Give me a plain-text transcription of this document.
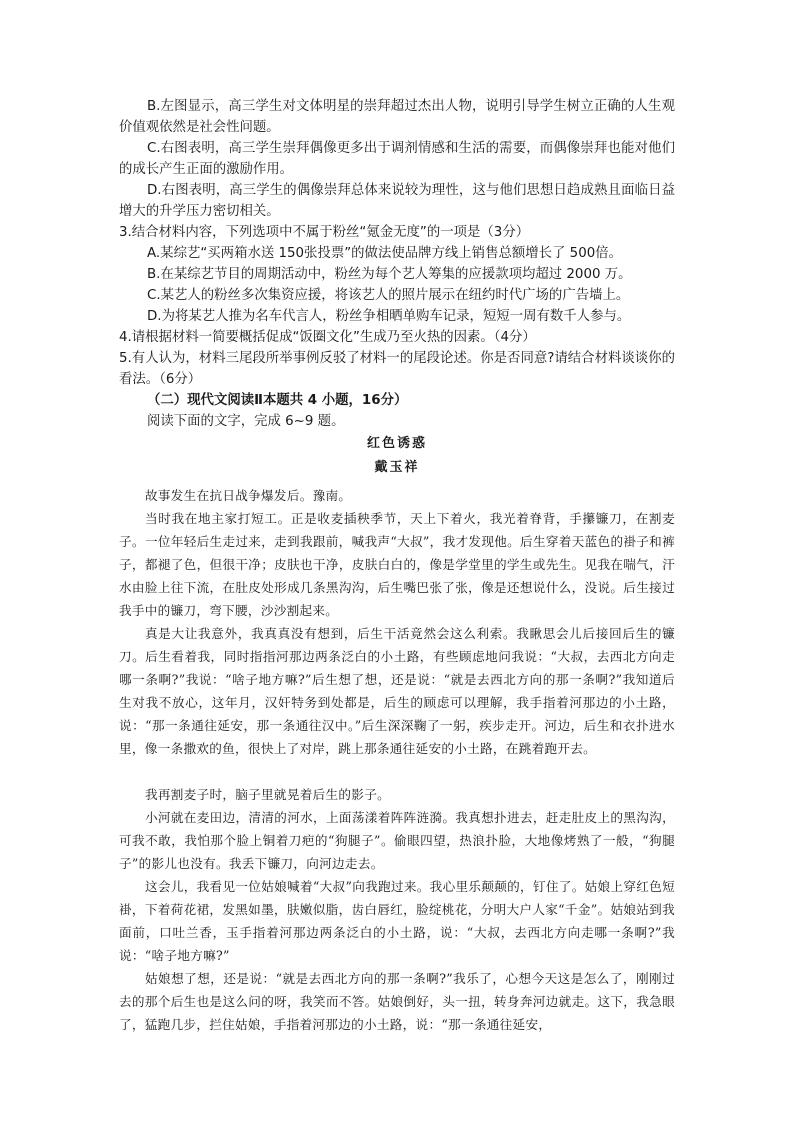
B.左图显示，高三学生对文体明星的崇拜超过杰出人物，说明引导学生树立正确的人生观价值观依然是社会性问题。

C.右图表明，高三学生崇拜偶像更多出于调剂情感和生活的需要，而偶像崇拜也能对他们的成长产生正面的激励作用。

D.右图表明，高三学生的偶像崇拜总体来说较为理性，这与他们思想日趋成熟且面临日益增大的升学压力密切相关。

3.结合材料内容，下列选项中不属于粉丝“氪金无度”的一项是（3分）

A.某综艺“买两箱水送 150张投票”的做法使品牌方线上销售总额增长了 500倍。

B.在某综艺节目的周期活动中，粉丝为每个艺人筹集的应援款项均超过 2000 万。

C.某艺人的粉丝多次集资应援，将该艺人的照片展示在纽约时代广场的广告墙上。

D.为将某艺人推为名车代言人，粉丝争相晒单购车记录，短短一周有数千人参与。

4.请根据材料一简要概括促成“饭圈文化”生成乃至火热的因素。（4分）

5.有人认为，材料三尾段所举事例反驳了材料一的尾段论述。你是否同意?请结合材料谈谈你的看法。（6分）

（二）现代文阅读Ⅱ本题共 4 小题，16分）

阅读下面的文字，完成 6~9 题。

红色诱惑

戴玉祥

故事发生在抗日战争爆发后。豫南。

当时我在地主家打短工。正是收麦插秧季节，天上下着火，我光着脊背，手攥镰刀，在割麦子。 一位年轻后生走过来，走到我跟前，喊我声“大叔”，我才发现他。后生穿着天蓝色的褂子和裤子，都褪了色，但很干净；皮肤也干净，皮肤白白的，像是学堂里的学生或先生。见我在喘气，汗水由脸上往下流，在肚皮处形成几条黑沟沟，后生嘴巴张了张，像是还想说什么，没说。后生接过我手中的镰刀，弯下腰，沙沙割起来。

真是大让我意外，我真真没有想到，后生干活竟然会这么利索。我瞅思会儿后接回后生的镰刀。后生看着我，同时指指河那边两条泛白的小土路，有些顾虑地问我说：“大叔，去西北方向走哪一条啊?”我说：“啥子地方嘛?”后生想了想，还是说：“就是去西北方向的那一条啊?”我知道后生对我不放心，这年月，汉奸特务到处都是，后生的顾虑可以理解，我手指着河那边的小土路，说：“那一条通往延安，那一条通往汉中。”后生深深鞠了一躬，疾步走开。河边，后生和衣扑进水里，像一条撒欢的鱼，很快上了对岸，跳上那条通往延安的小土路，在跳着跑开去。

我再割麦子时，脑子里就晃着后生的影子。

小河就在麦田边，清清的河水，上面荡漾着阵阵涟漪。我真想扑进去，赶走肚皮上的黑沟沟，可我不敢，我怕那个脸上铜着刀疤的“狗腿子”。偷眼四望，热浪扑脸，大地像烤熟了一般，“狗腿子”的影儿也没有。我丢下镰刀，向河边走去。

这会儿，我看见一位姑娘喊着“大叔”向我跑过来。我心里乐颠颠的，钉住了。姑娘上穿红色短褂，下着荷花裙，发黑如墨，肤嫩似脂，齿白唇红，脸绽桃花，分明大户人家“千金”。姑娘站到我面前，口吐兰香，玉手指着河那边两条泛白的小土路，说：“大叔，去西北方向走哪一条啊?”我说：“啥子地方嘛?”

姑娘想了想，还是说：“就是去西北方向的那一条啊?”我乐了，心想今天这是怎么了，刚刚过去的那个后生也是这么问的呀，我笑而不答。姑娘倒好，头一扭，转身奔河边就走。这下，我急眼了，猛跑几步，拦住姑娘，手指着河那边的小土路，说：“那一条通往延安，
